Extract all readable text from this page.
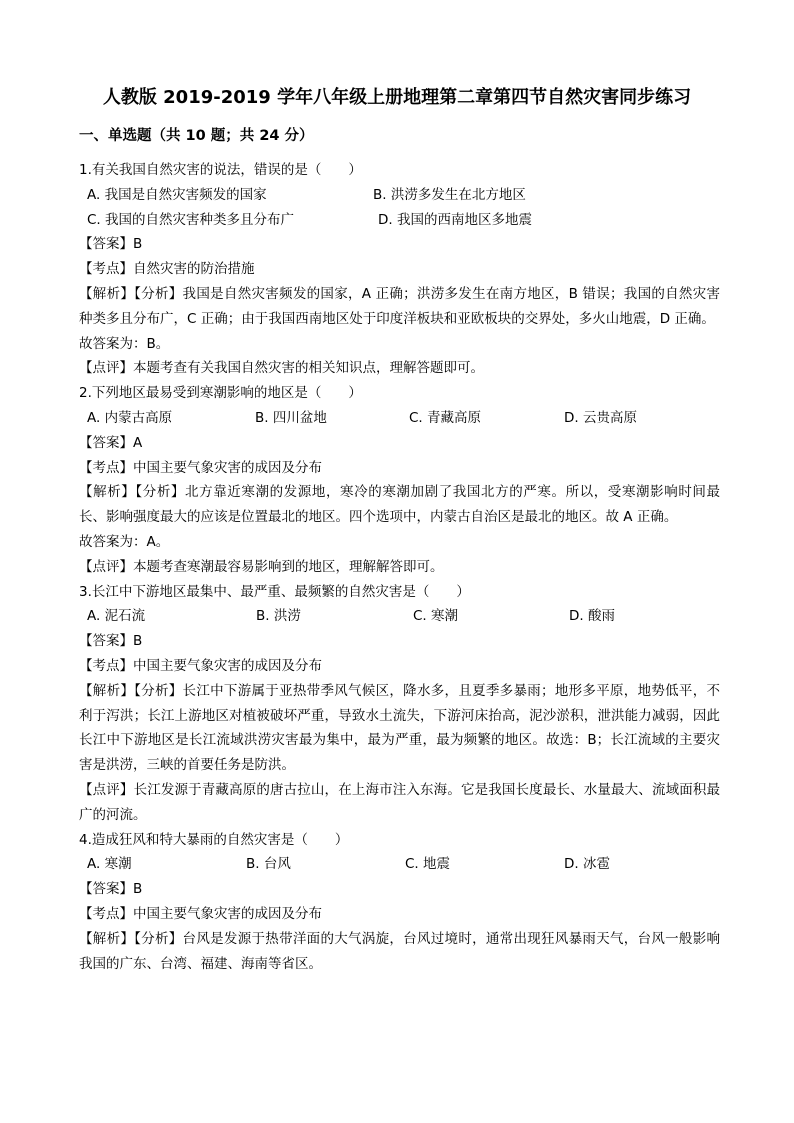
人教版 2019-2019 学年八年级上册地理第二章第四节自然灾害同步练习
一、单选题（共 10 题；共 24 分）
1.有关我国自然灾害的说法，错误的是（　　）
A. 我国是自然灾害频发的国家	B. 洪涝多发生在北方地区
C. 我国的自然灾害种类多且分布广	D. 我国的西南地区多地震
【答案】B
【考点】自然灾害的防治措施
【解析】【分析】我国是自然灾害频发的国家，A 正确；洪涝多发生在南方地区，B 错误；我国的自然灾害种类多且分布广，C 正确；由于我国西南地区处于印度洋板块和亚欧板块的交界处，多火山地震，D 正确。
故答案为：B。
【点评】本题考查有关我国自然灾害的相关知识点，理解答题即可。
2.下列地区最易受到寒潮影响的地区是（　　）
A. 内蒙古高原	B. 四川盆地	C. 青藏高原	D. 云贵高原
【答案】A
【考点】中国主要气象灾害的成因及分布
【解析】【分析】北方靠近寒潮的发源地，寒冷的寒潮加剧了我国北方的严寒。所以，受寒潮影响时间最长、影响强度最大的应该是位置最北的地区。四个选项中，内蒙古自治区是最北的地区。故 A 正确。
故答案为：A。
【点评】本题考查寒潮最容易影响到的地区，理解解答即可。
3.长江中下游地区最集中、最严重、最频繁的自然灾害是（　　）
A. 泥石流	B. 洪涝	C. 寒潮	D. 酸雨
【答案】B
【考点】中国主要气象灾害的成因及分布
【解析】【分析】长江中下游属于亚热带季风气候区，降水多，且夏季多暴雨；地形多平原，地势低平，不利于泻洪；长江上游地区对植被破坏严重，导致水土流失，下游河床抬高，泥沙淤积，泄洪能力减弱，因此长江中下游地区是长江流域洪涝灾害最为集中，最为严重，最为频繁的地区。故选：B；长江流域的主要灾害是洪涝，三峡的首要任务是防洪。
【点评】长江发源于青藏高原的唐古拉山，在上海市注入东海。它是我国长度最长、水量最大、流域面积最广的河流。
4.造成狂风和特大暴雨的自然灾害是（　　）
A. 寒潮	B. 台风	C. 地震	D. 冰雹
【答案】B
【考点】中国主要气象灾害的成因及分布
【解析】【分析】台风是发源于热带洋面的大气涡旋，台风过境时，通常出现狂风暴雨天气，台风一般影响我国的广东、台湾、福建、海南等省区。
